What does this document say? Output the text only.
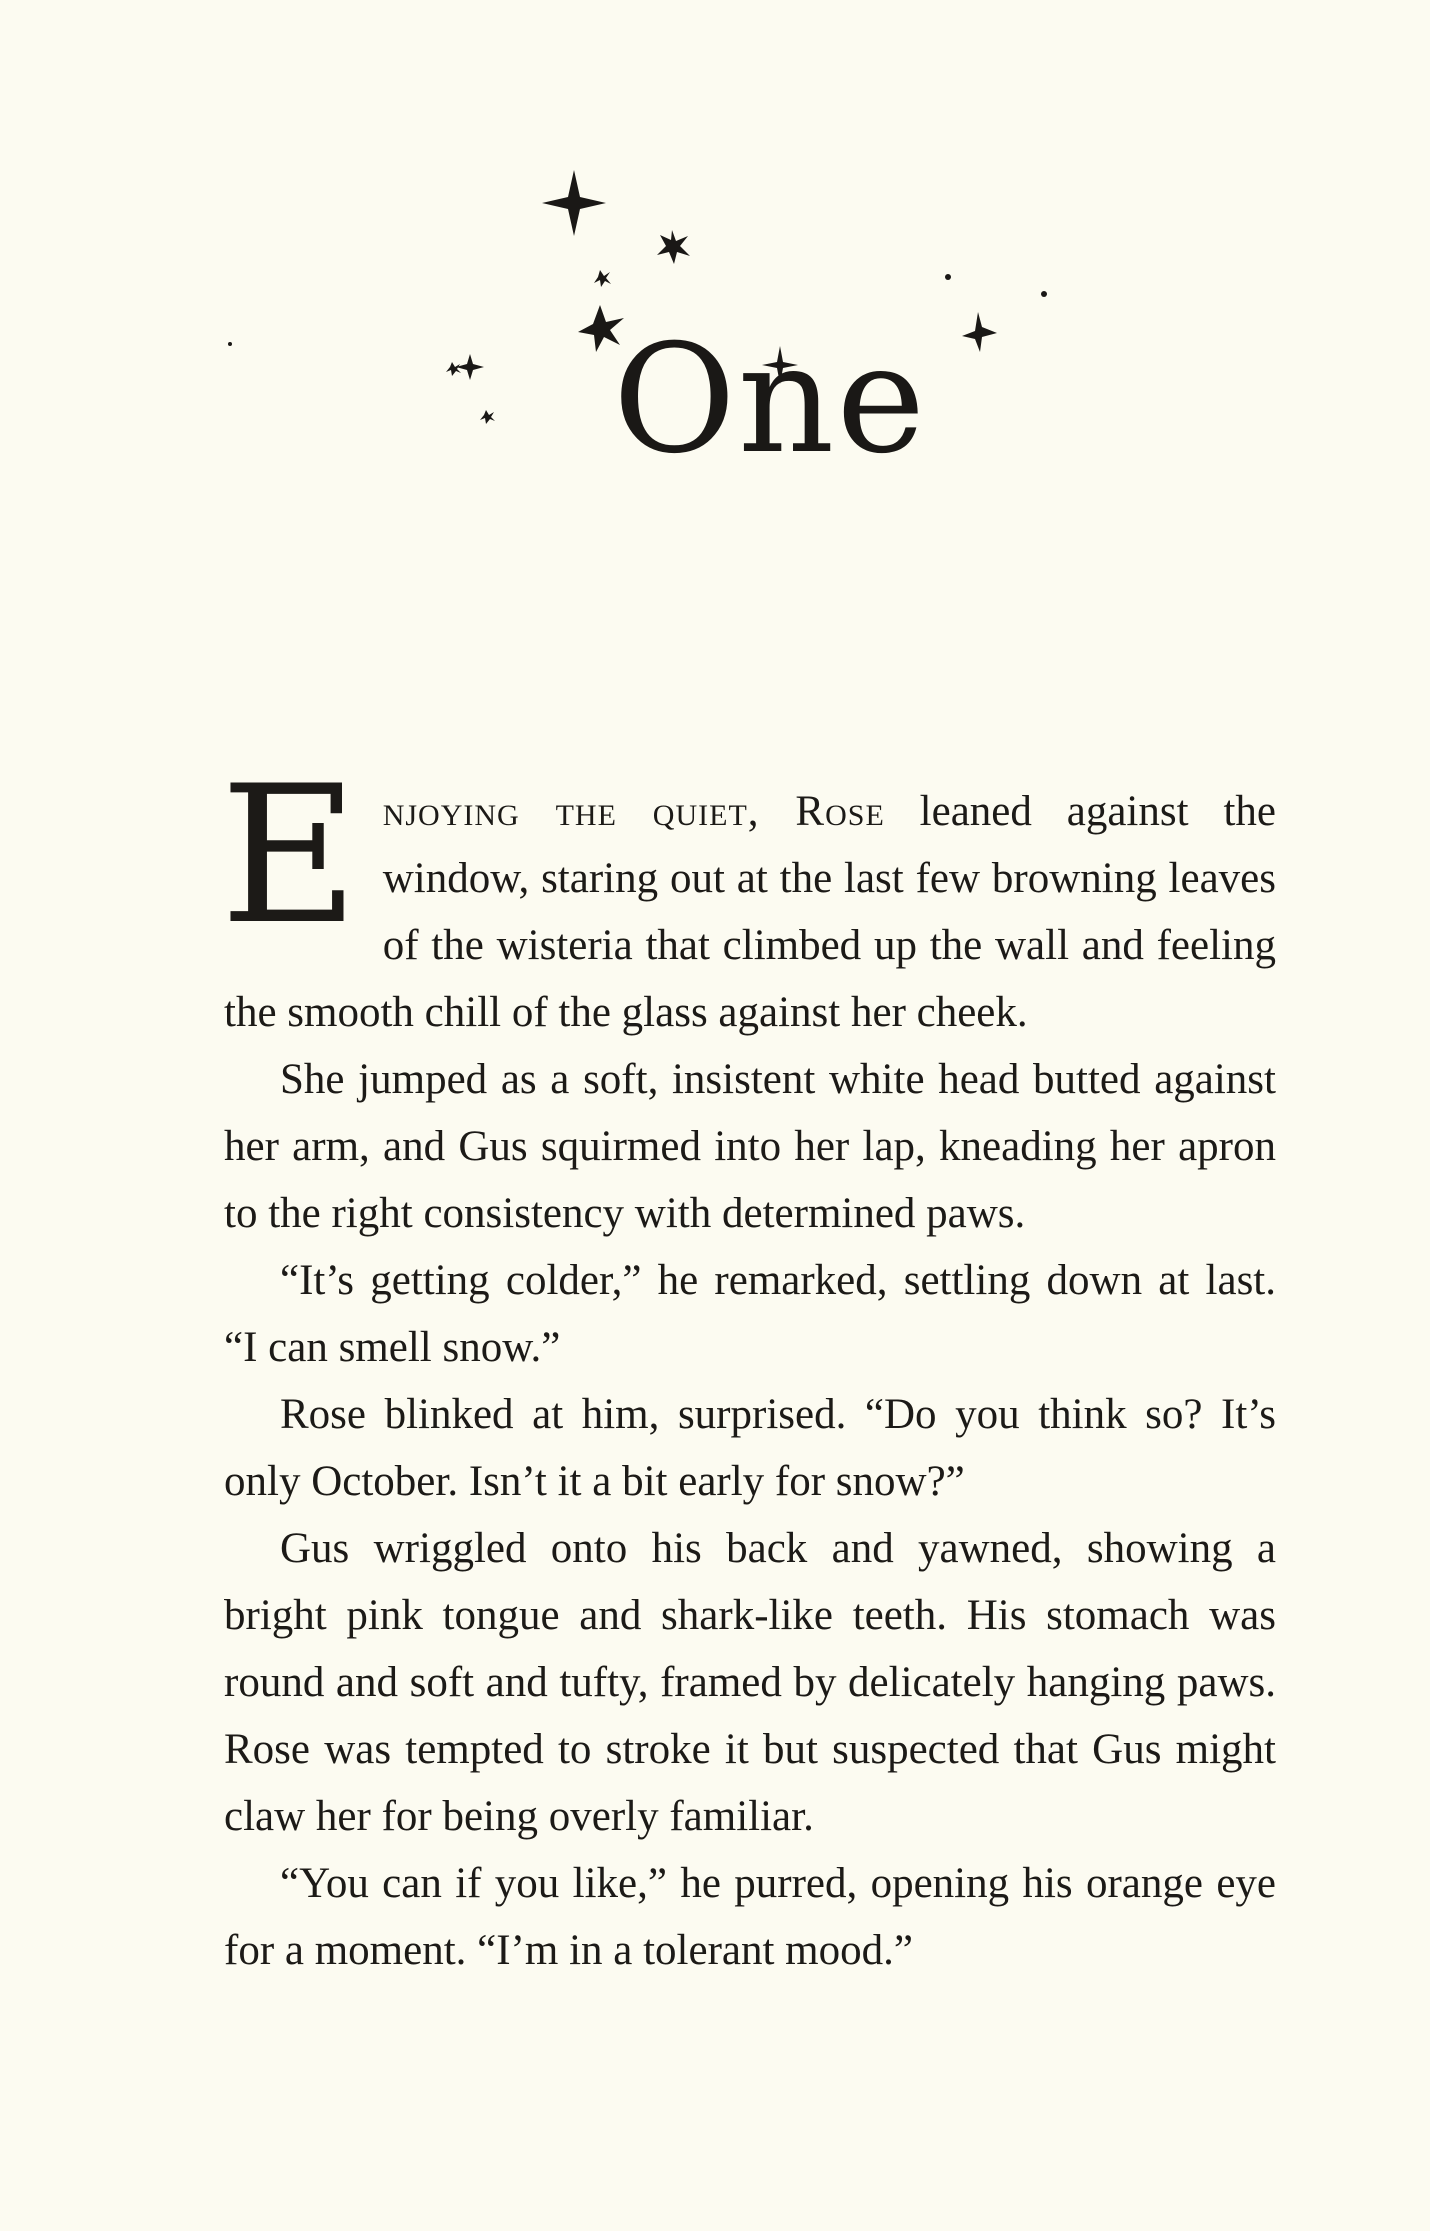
One

Enjoying the quiet, Rose leaned against the window, staring out at the last few browning leaves of the wisteria that climbed up the wall and feeling the smooth chill of the glass against her cheek.

She jumped as a soft, insistent white head butted against her arm, and Gus squirmed into her lap, kneading her apron to the right consistency with determined paws.

“It’s getting colder,” he remarked, settling down at last. “I can smell snow.”

Rose blinked at him, surprised. “Do you think so? It’s only October. Isn’t it a bit early for snow?”

Gus wriggled onto his back and yawned, showing a bright pink tongue and shark-like teeth. His stomach was round and soft and tufty, framed by delicately hanging paws. Rose was tempted to stroke it but suspected that Gus might claw her for being overly familiar.

“You can if you like,” he purred, opening his orange eye for a moment. “I’m in a tolerant mood.”
